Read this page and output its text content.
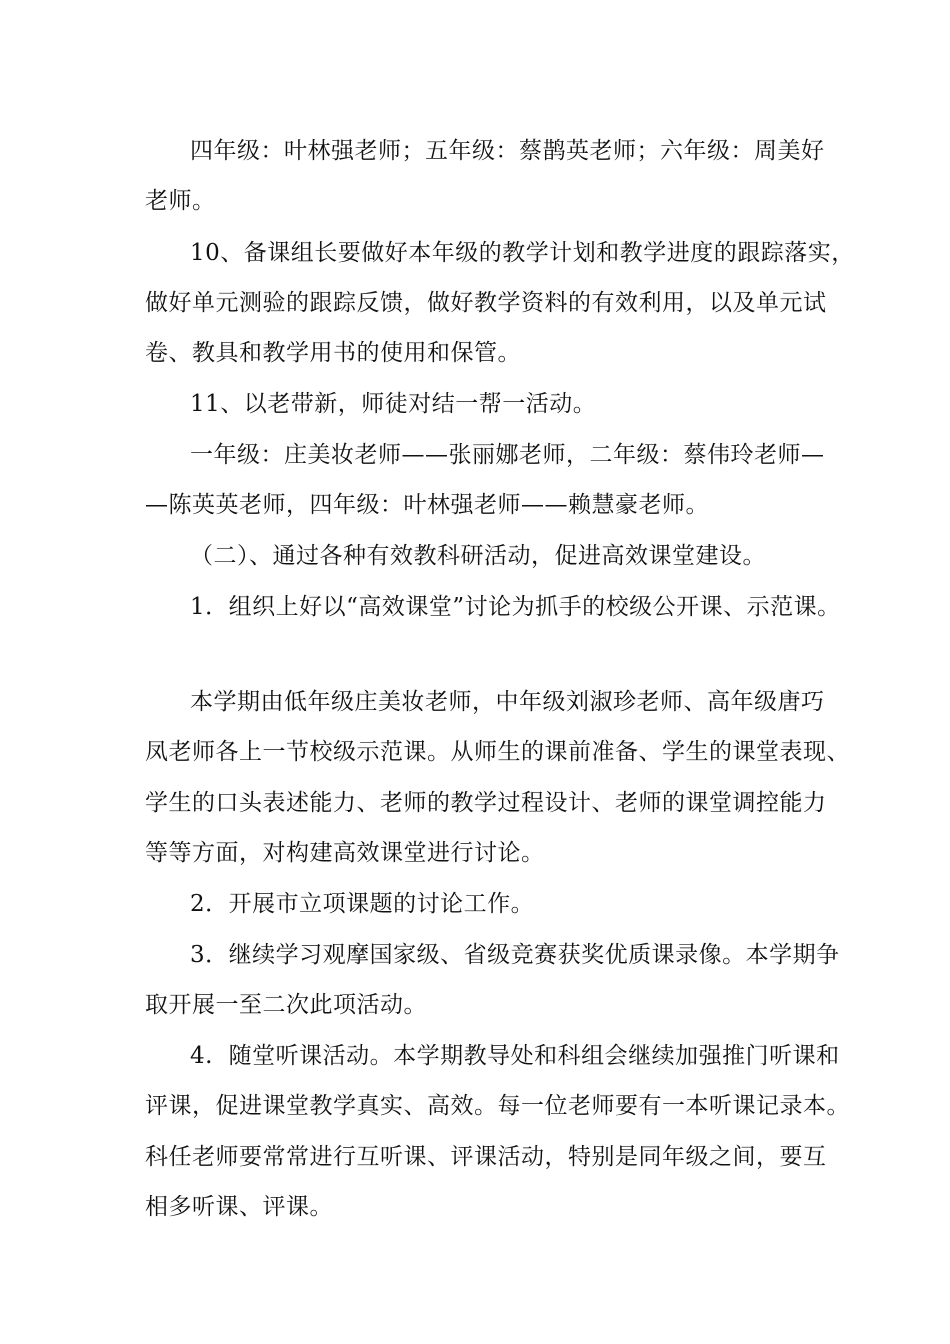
四年级：叶林强老师；五年级：蔡鹊英老师；六年级：周美好
老师。
10、备课组长要做好本年级的教学计划和教学进度的跟踪落实，
做好单元测验的跟踪反馈，做好教学资料的有效利用，以及单元试
卷、教具和教学用书的使用和保管。
11、以老带新，师徒对结一帮一活动。
一年级：庄美妆老师——张丽娜老师，二年级：蔡伟玲老师—
—陈英英老师，四年级：叶林强老师——赖慧豪老师。
（二）、通过各种有效教科研活动，促进高效课堂建设。
1．组织上好以“高效课堂”讨论为抓手的校级公开课、示范课。
本学期由低年级庄美妆老师，中年级刘淑珍老师、高年级唐巧
凤老师各上一节校级示范课。从师生的课前准备、学生的课堂表现、
学生的口头表述能力、老师的教学过程设计、老师的课堂调控能力
等等方面，对构建高效课堂进行讨论。
2．开展市立项课题的讨论工作。
3．继续学习观摩国家级、省级竞赛获奖优质课录像。本学期争
取开展一至二次此项活动。
4.  随堂听课活动。本学期教导处和科组会继续加强推门听课和
评课，促进课堂教学真实、高效。每一位老师要有一本听课记录本。
科任老师要常常进行互听课、评课活动，特别是同年级之间，要互
相多听课、评课。
